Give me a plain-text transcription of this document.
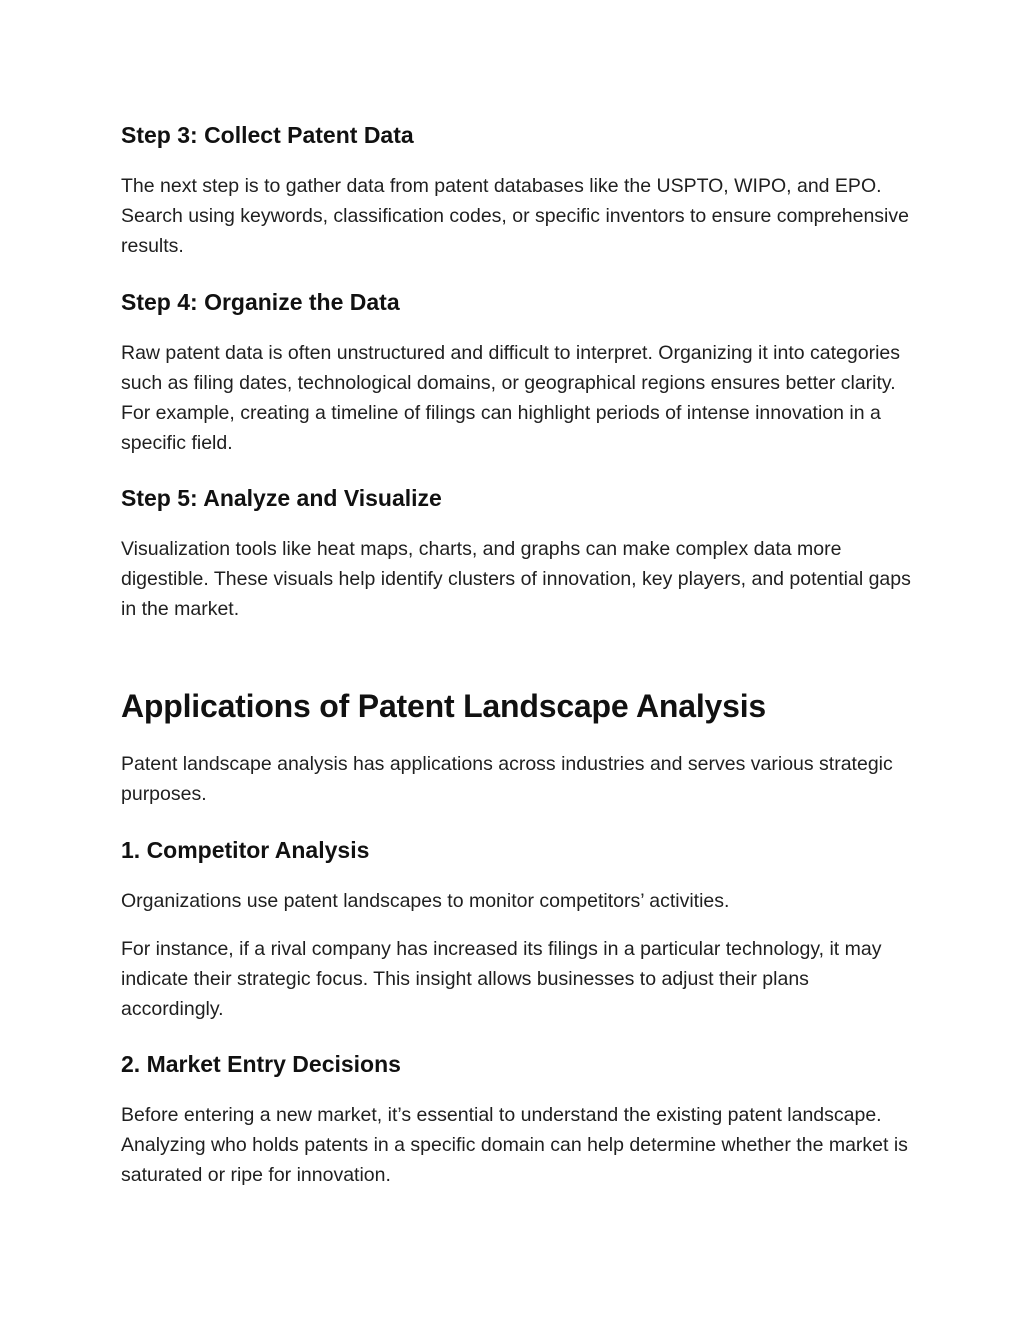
Step 3: Collect Patent Data

The next step is to gather data from patent databases like the USPTO, WIPO, and EPO. Search using keywords, classification codes, or specific inventors to ensure comprehensive results.

Step 4: Organize the Data

Raw patent data is often unstructured and difficult to interpret. Organizing it into categories such as filing dates, technological domains, or geographical regions ensures better clarity. For example, creating a timeline of filings can highlight periods of intense innovation in a specific field.

Step 5: Analyze and Visualize

Visualization tools like heat maps, charts, and graphs can make complex data more digestible. These visuals help identify clusters of innovation, key players, and potential gaps in the market.

Applications of Patent Landscape Analysis

Patent landscape analysis has applications across industries and serves various strategic purposes.

1. Competitor Analysis

Organizations use patent landscapes to monitor competitors’ activities.

For instance, if a rival company has increased its filings in a particular technology, it may indicate their strategic focus. This insight allows businesses to adjust their plans accordingly.

2. Market Entry Decisions

Before entering a new market, it’s essential to understand the existing patent landscape. Analyzing who holds patents in a specific domain can help determine whether the market is saturated or ripe for innovation.
